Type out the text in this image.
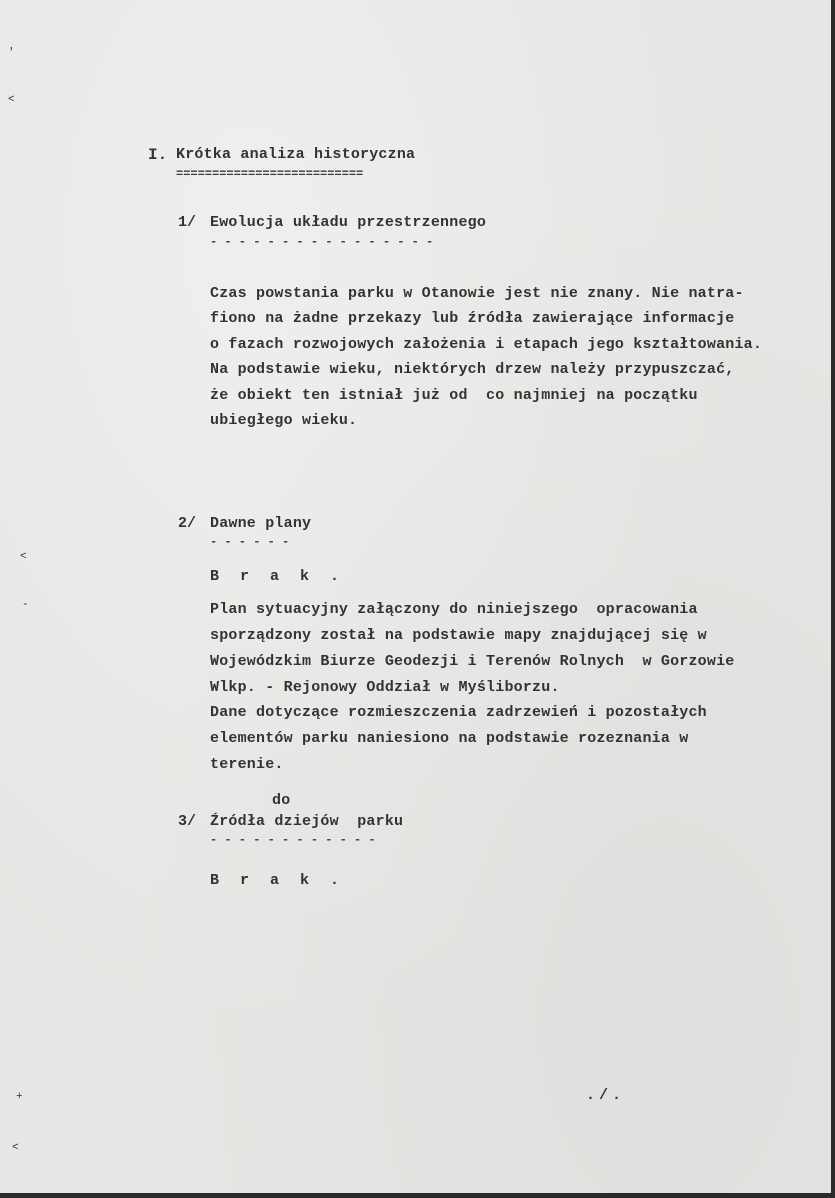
'
<
<
-
+
<
I. Krótka analiza historyczna
==========================
1/ Ewolucja układu przestrzennego
- - - - - - - - - - - - - - - -
Czas powstania parku w Otanowie jest nie znany. Nie natra-
fiono na żadne przekazy lub źródła zawierające informacje
o fazach rozwojowych założenia i etapach jego kształtowania.
Na podstawie wieku, niektórych drzew należy przypuszczać,
że obiekt ten istniał już od  co najmniej na początku
ubiegłego wieku.
2/ Dawne plany
- - - - - -
B r a k .
Plan sytuacyjny załączony do niniejszego  opracowania
sporządzony został na podstawie mapy znajdującej się w
Wojewódzkim Biurze Geodezji i Terenów Rolnych  w Gorzowie
Wlkp. - Rejonowy Oddział w Myśliborzu.
Dane dotyczące rozmieszczenia zadrzewień i pozostałych
elementów parku naniesiono na podstawie rozeznania w
terenie.
do
3/ Źródła dziejów  parku
- - - - - - - - - - - -
B r a k .
./.
